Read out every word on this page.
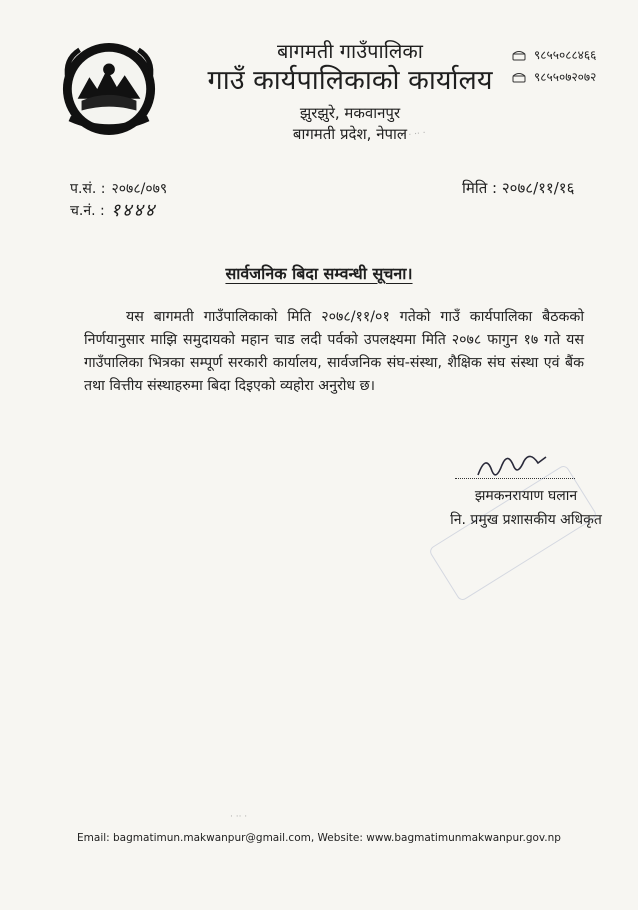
बागमती गाउँपालिका
गाउँ कार्यपालिकाको कार्यालय
झुरझुरे, मकवानपुर
बागमती प्रदेश, नेपाल
९८५५०८८४६६
९८५५०७२०७२
प.सं. : २०७८/०७९
च.नं. : १४४४
मिति : २०७८/११/१६
सार्वजनिक बिदा सम्वन्धी सूचना।
यस बागमती गाउँपालिकाको मिति २०७८/११/०१ गतेको गाउँ कार्यपालिका बैठकको निर्णयानुसार माझि समुदायको महान चाड लदी पर्वको उपलक्ष्यमा मिति २०७८ फागुन १७ गते यस गाउँपालिका भित्रका सम्पूर्ण सरकारी कार्यालय, सार्वजनिक संघ-संस्था, शैक्षिक संघ संस्था एवं बैंक तथा वित्तीय संस्थाहरुमा बिदा दिइएको व्यहोरा अनुरोध छ।
झमकनरायाण घलान
नि. प्रमुख प्रशासकीय अधिकृत
·· · ·· ·
· ·· ·
Email: bagmatimun.makwanpur@gmail.com, Website: www.bagmatimunmakwanpur.gov.np
